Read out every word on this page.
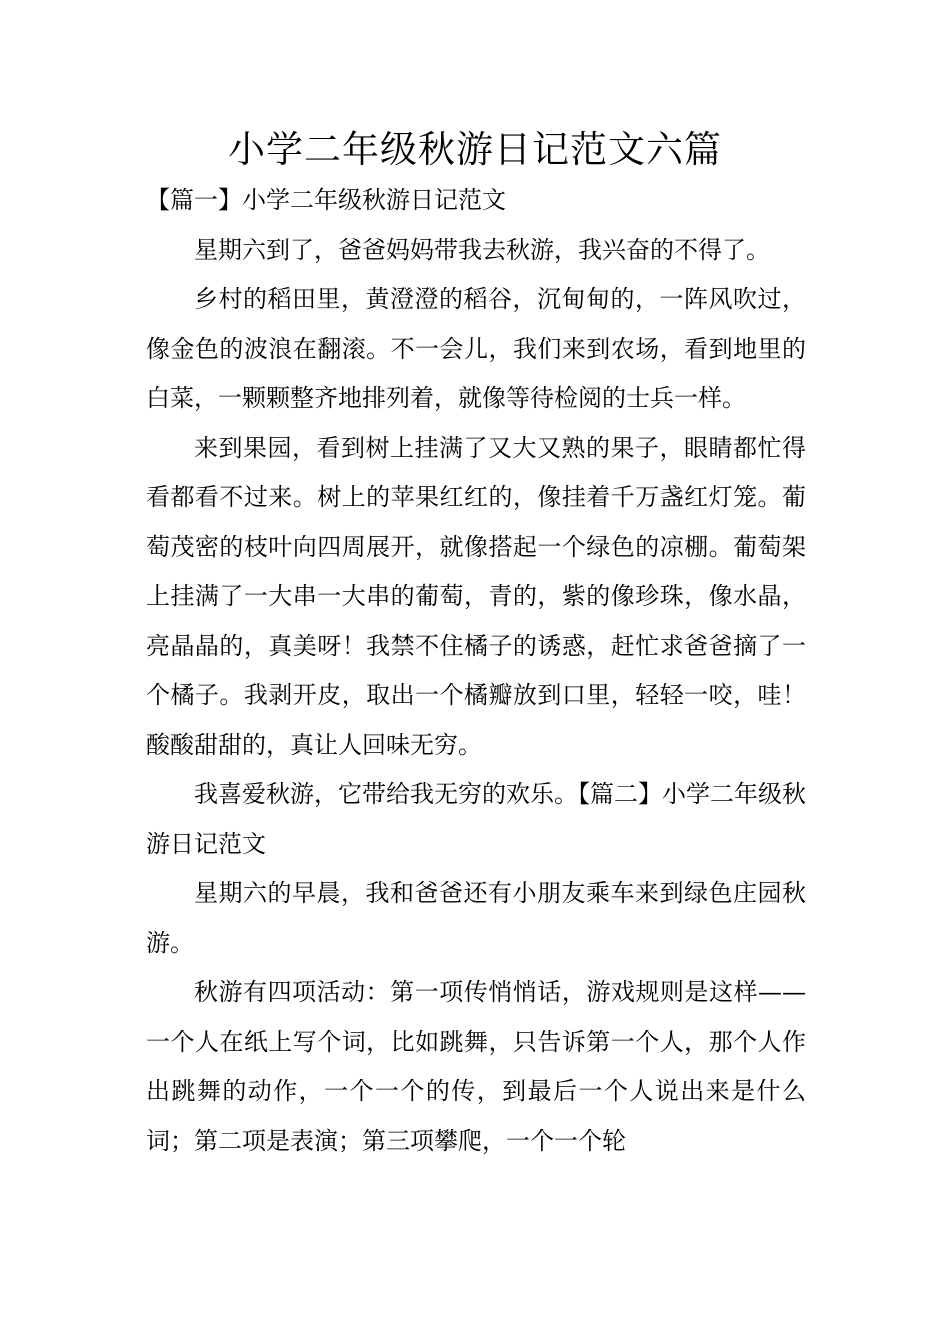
小学二年级秋游日记范文六篇

【篇一】小学二年级秋游日记范文

星期六到了，爸爸妈妈带我去秋游，我兴奋的不得了。

乡村的稻田里，黄澄澄的稻谷，沉甸甸的，一阵风吹过，像金色的波浪在翻滚。不一会儿，我们来到农场，看到地里的白菜，一颗颗整齐地排列着，就像等待检阅的士兵一样。

来到果园，看到树上挂满了又大又熟的果子，眼睛都忙得看都看不过来。树上的苹果红红的，像挂着千万盏红灯笼。葡萄茂密的枝叶向四周展开，就像搭起一个绿色的凉棚。葡萄架上挂满了一大串一大串的葡萄，青的，紫的像珍珠，像水晶，亮晶晶的，真美呀！我禁不住橘子的诱惑，赶忙求爸爸摘了一个橘子。我剥开皮，取出一个橘瓣放到口里，轻轻一咬，哇！酸酸甜甜的，真让人回味无穷。

我喜爱秋游，它带给我无穷的欢乐。【篇二】小学二年级秋游日记范文

星期六的早晨，我和爸爸还有小朋友乘车来到绿色庄园秋游。

秋游有四项活动：第一项传悄悄话，游戏规则是这样——一个人在纸上写个词，比如跳舞，只告诉第一个人，那个人作出跳舞的动作，一个一个的传，到最后一个人说出来是什么词；第二项是表演；第三项攀爬，一个一个轮
